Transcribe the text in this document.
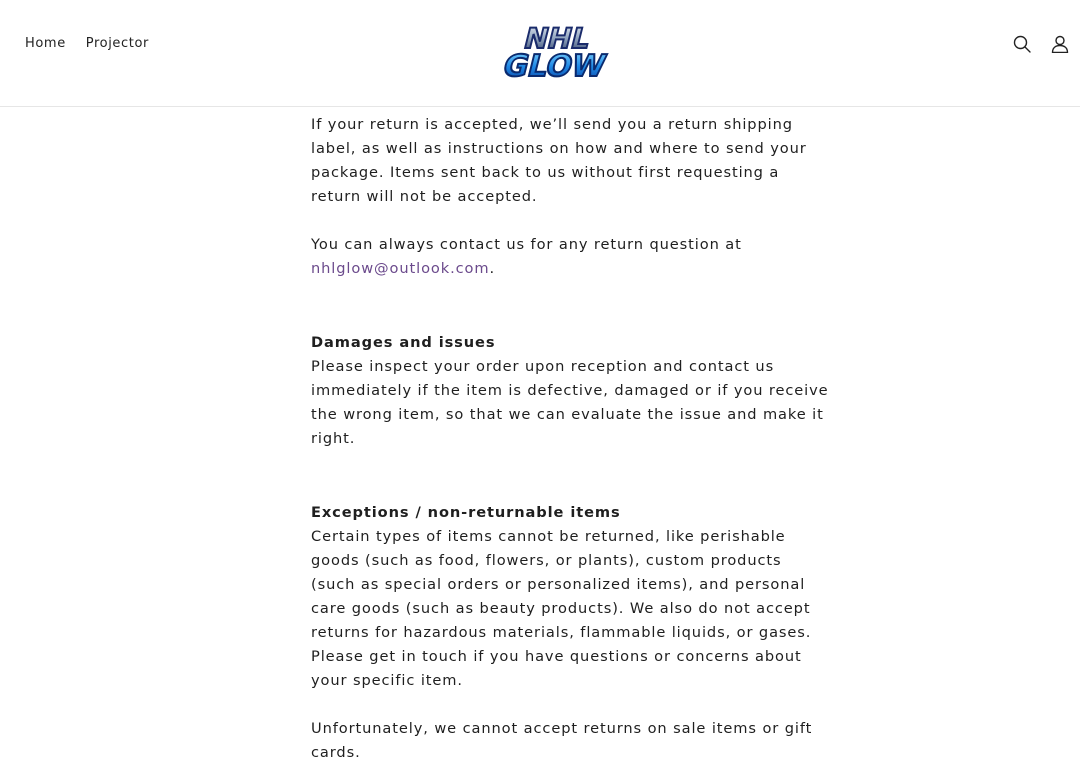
Home Projector	NHL
GLOW

If your return is accepted, we’ll send you a return shipping label, as well as instructions on how and where to send your package. Items sent back to us without first requesting a return will not be accepted.

You can always contact us for any return question at
nhlglow@outlook.com.

Damages and issues

Please inspect your order upon reception and contact us immediately if the item is defective, damaged or if you receive the wrong item, so that we can evaluate the issue and make it right.

Exceptions / non-returnable items

Certain types of items cannot be returned, like perishable goods (such as food, flowers, or plants), custom products (such as special orders or personalized items), and personal care goods (such as beauty products). We also do not accept returns for hazardous materials, flammable liquids, or gases. Please get in touch if you have questions or concerns about your specific item.

Unfortunately, we cannot accept returns on sale items or gift cards.
